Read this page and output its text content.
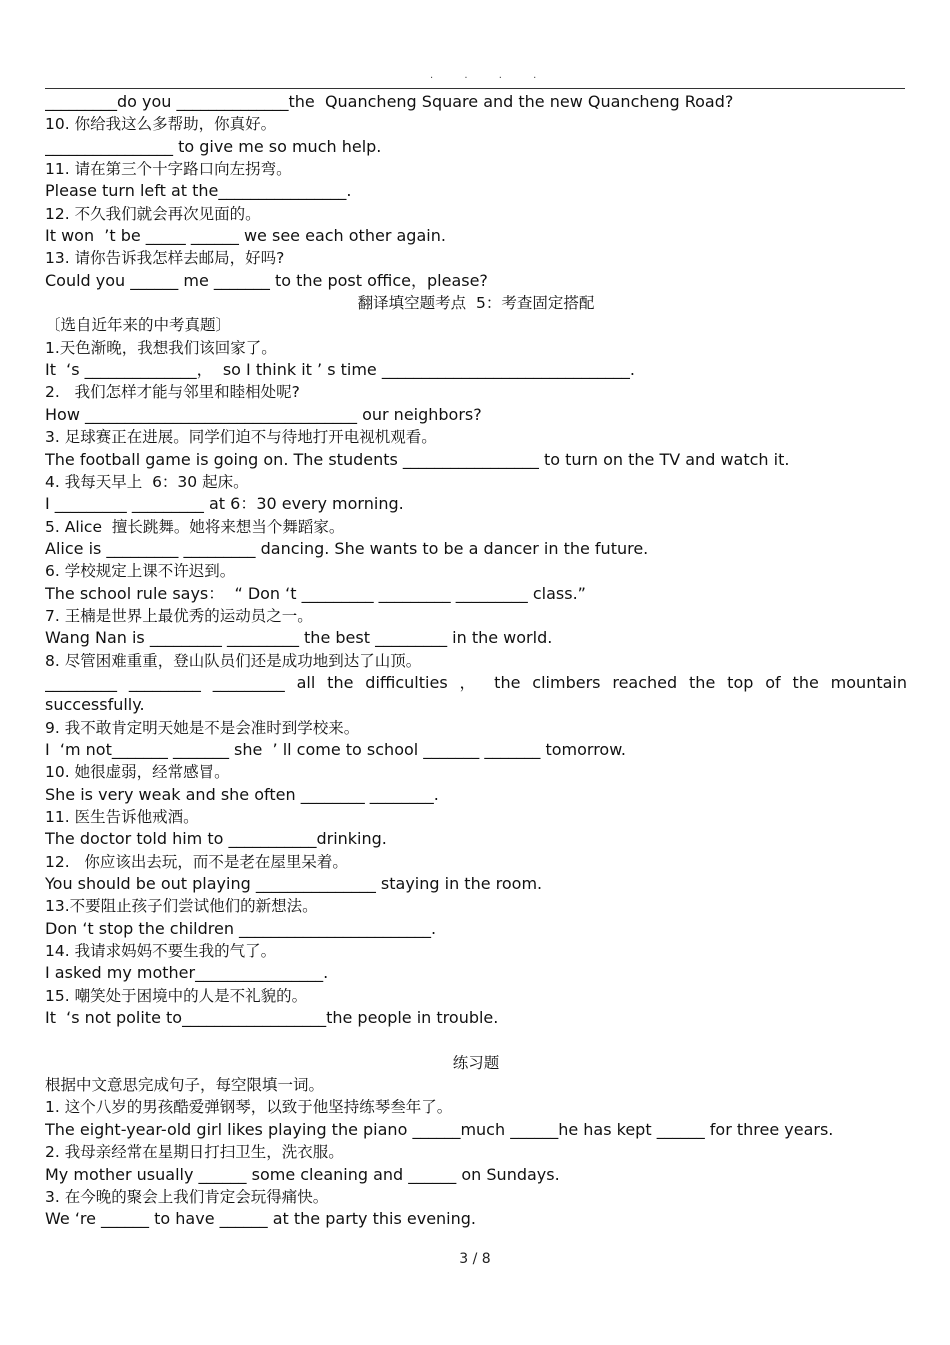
. . . .
_________do you ______________the  Quancheng Square and the new Quancheng Road?
10. 你给我这么多帮助，你真好。
________________ to give me so much help.
11. 请在第三个十字路口向左拐弯。
Please turn left at the________________.
12. 不久我们就会再次见面的。
It won  ’t be _____ ______ we see each other again.
13. 请你告诉我怎样去邮局，好吗?
Could you ______ me _______ to the post office，please?
翻译填空题考点  5：考查固定搭配
〔选自近年来的中考真题〕
1.天色渐晚，我想我们该回家了。
It  ‘s ______________，  so I think it ’ s time _______________________________.
2.   我们怎样才能与邻里和睦相处呢?
How __________________________________ our neighbors?
3. 足球赛正在进展。同学们迫不与待地打开电视机观看。
The football game is going on. The students _________________ to turn on the TV and watch it.
4. 我每天早上  6：30 起床。
I _________ _________ at 6：30 every morning.
5. Alice  擅长跳舞。她将来想当个舞蹈家。
Alice is _________ _________ dancing. She wants to be a dancer in the future.
6. 学校规定上课不许迟到。
The school rule says：  “ Don ‘t _________ _________ _________ class.”
7. 王楠是世界上最优秀的运动员之一。
Wang Nan is _________ _________ the best _________ in the world.
8. 尽管困难重重，登山队员们还是成功地到达了山顶。
_________ _________ _________ all the difficulties ， the climbers reached the top of the mountain
successfully.
9. 我不敢肯定明天她是不是会准时到学校来。
I  ‘m not_______ _______ she  ’ ll come to school _______ _______ tomorrow.
10. 她很虚弱，经常感冒。
She is very weak and she often ________ ________.
11. 医生告诉他戒酒。
The doctor told him to ___________drinking.
12.   你应该出去玩，而不是老在屋里呆着。
You should be out playing _______________ staying in the room.
13.不要阻止孩子们尝试他们的新想法。
Don ‘t stop the children ________________________.
14. 我请求妈妈不要生我的气了。
I asked my mother________________.
15. 嘲笑处于困境中的人是不礼貌的。
It  ‘s not polite to__________________the people in trouble.
练习题
根据中文意思完成句子，每空限填一词。
1. 这个八岁的男孩酷爱弹钢琴，以致于他坚持练琴叁年了。
The eight-year-old girl likes playing the piano ______much ______he has kept ______ for three years.
2. 我母亲经常在星期日打扫卫生，洗衣服。
My mother usually ______ some cleaning and ______ on Sundays.
3. 在今晚的聚会上我们肯定会玩得痛快。
We ‘re ______ to have ______ at the party this evening.
3 / 8
